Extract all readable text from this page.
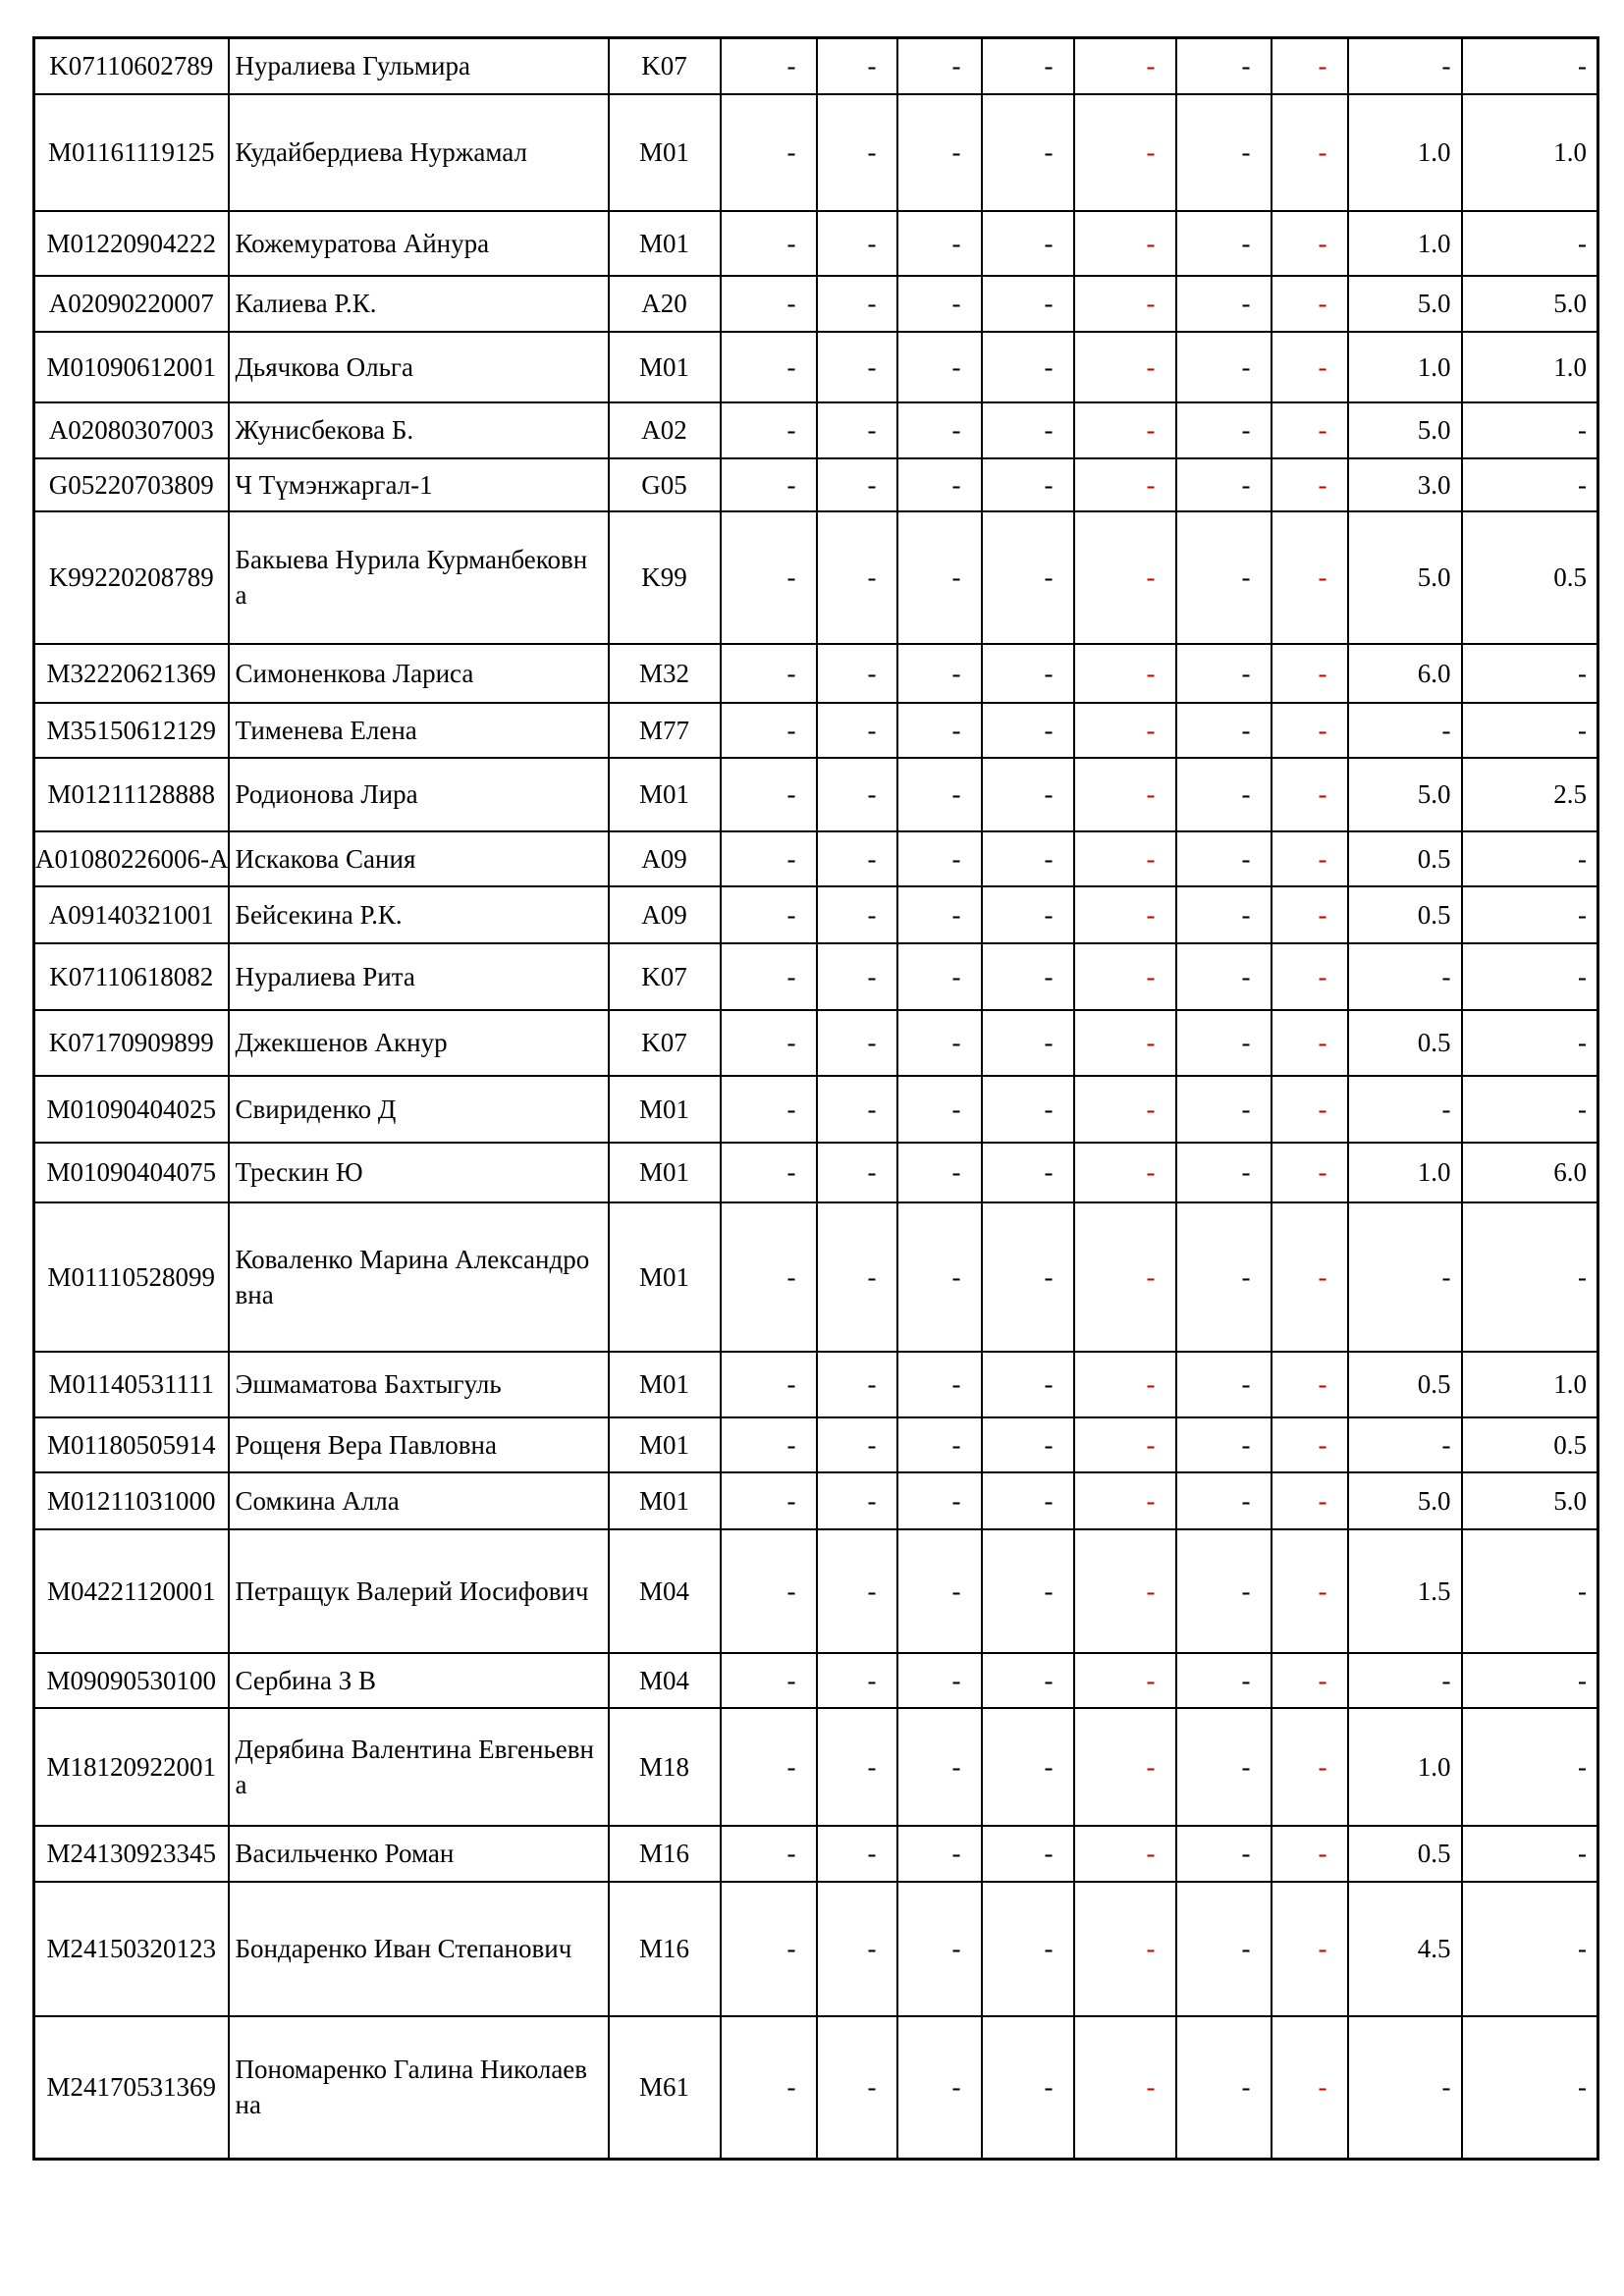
K07110602789	Нуралиева Гульмира	K07	-	-	-	-	-	-	-	-	-
M01161119125	Кудайбердиева Нуржамал	M01	-	-	-	-	-	-	-	1.0	1.0
M01220904222	Кожемуратова Айнура	M01	-	-	-	-	-	-	-	1.0	-
A02090220007	Калиева Р.К.	A20	-	-	-	-	-	-	-	5.0	5.0
M01090612001	Дьячкова Ольга	M01	-	-	-	-	-	-	-	1.0	1.0
A02080307003	Жунисбекова Б.	A02	-	-	-	-	-	-	-	5.0	-
G05220703809	Ч Түмэнжаргал-1	G05	-	-	-	-	-	-	-	3.0	-
K99220208789	Бакыева Нурила Курманбековн
а	K99	-	-	-	-	-	-	-	5.0	0.5
M32220621369	Симоненкова Лариса	M32	-	-	-	-	-	-	-	6.0	-
M35150612129	Тименева Елена	M77	-	-	-	-	-	-	-	-	-
M01211128888	Родионова Лира	M01	-	-	-	-	-	-	-	5.0	2.5
A01080226006-A	Искакова Сания	A09	-	-	-	-	-	-	-	0.5	-
A09140321001	Бейсекина Р.К.	A09	-	-	-	-	-	-	-	0.5	-
K07110618082	Нуралиева Рита	K07	-	-	-	-	-	-	-	-	-
K07170909899	Джекшенов Акнур	K07	-	-	-	-	-	-	-	0.5	-
M01090404025	Свириденко Д	M01	-	-	-	-	-	-	-	-	-
M01090404075	Трескин Ю	M01	-	-	-	-	-	-	-	1.0	6.0
M01110528099	Коваленко Марина Александро
вна	M01	-	-	-	-	-	-	-	-	-
M01140531111	Эшмаматова Бахтыгуль	M01	-	-	-	-	-	-	-	0.5	1.0
M01180505914	Рощеня Вера Павловна	M01	-	-	-	-	-	-	-	-	0.5
M01211031000	Сомкина Алла	M01	-	-	-	-	-	-	-	5.0	5.0
M04221120001	Петращук Валерий Иосифович	M04	-	-	-	-	-	-	-	1.5	-
M09090530100	Сербина З В	M04	-	-	-	-	-	-	-	-	-
M18120922001	Дерябина Валентина Евгеньевн
а	M18	-	-	-	-	-	-	-	1.0	-
M24130923345	Васильченко Роман	M16	-	-	-	-	-	-	-	0.5	-
M24150320123	Бондаренко Иван Степанович	M16	-	-	-	-	-	-	-	4.5	-
M24170531369	Пономаренко Галина Николаев
на	M61	-	-	-	-	-	-	-	-	-
